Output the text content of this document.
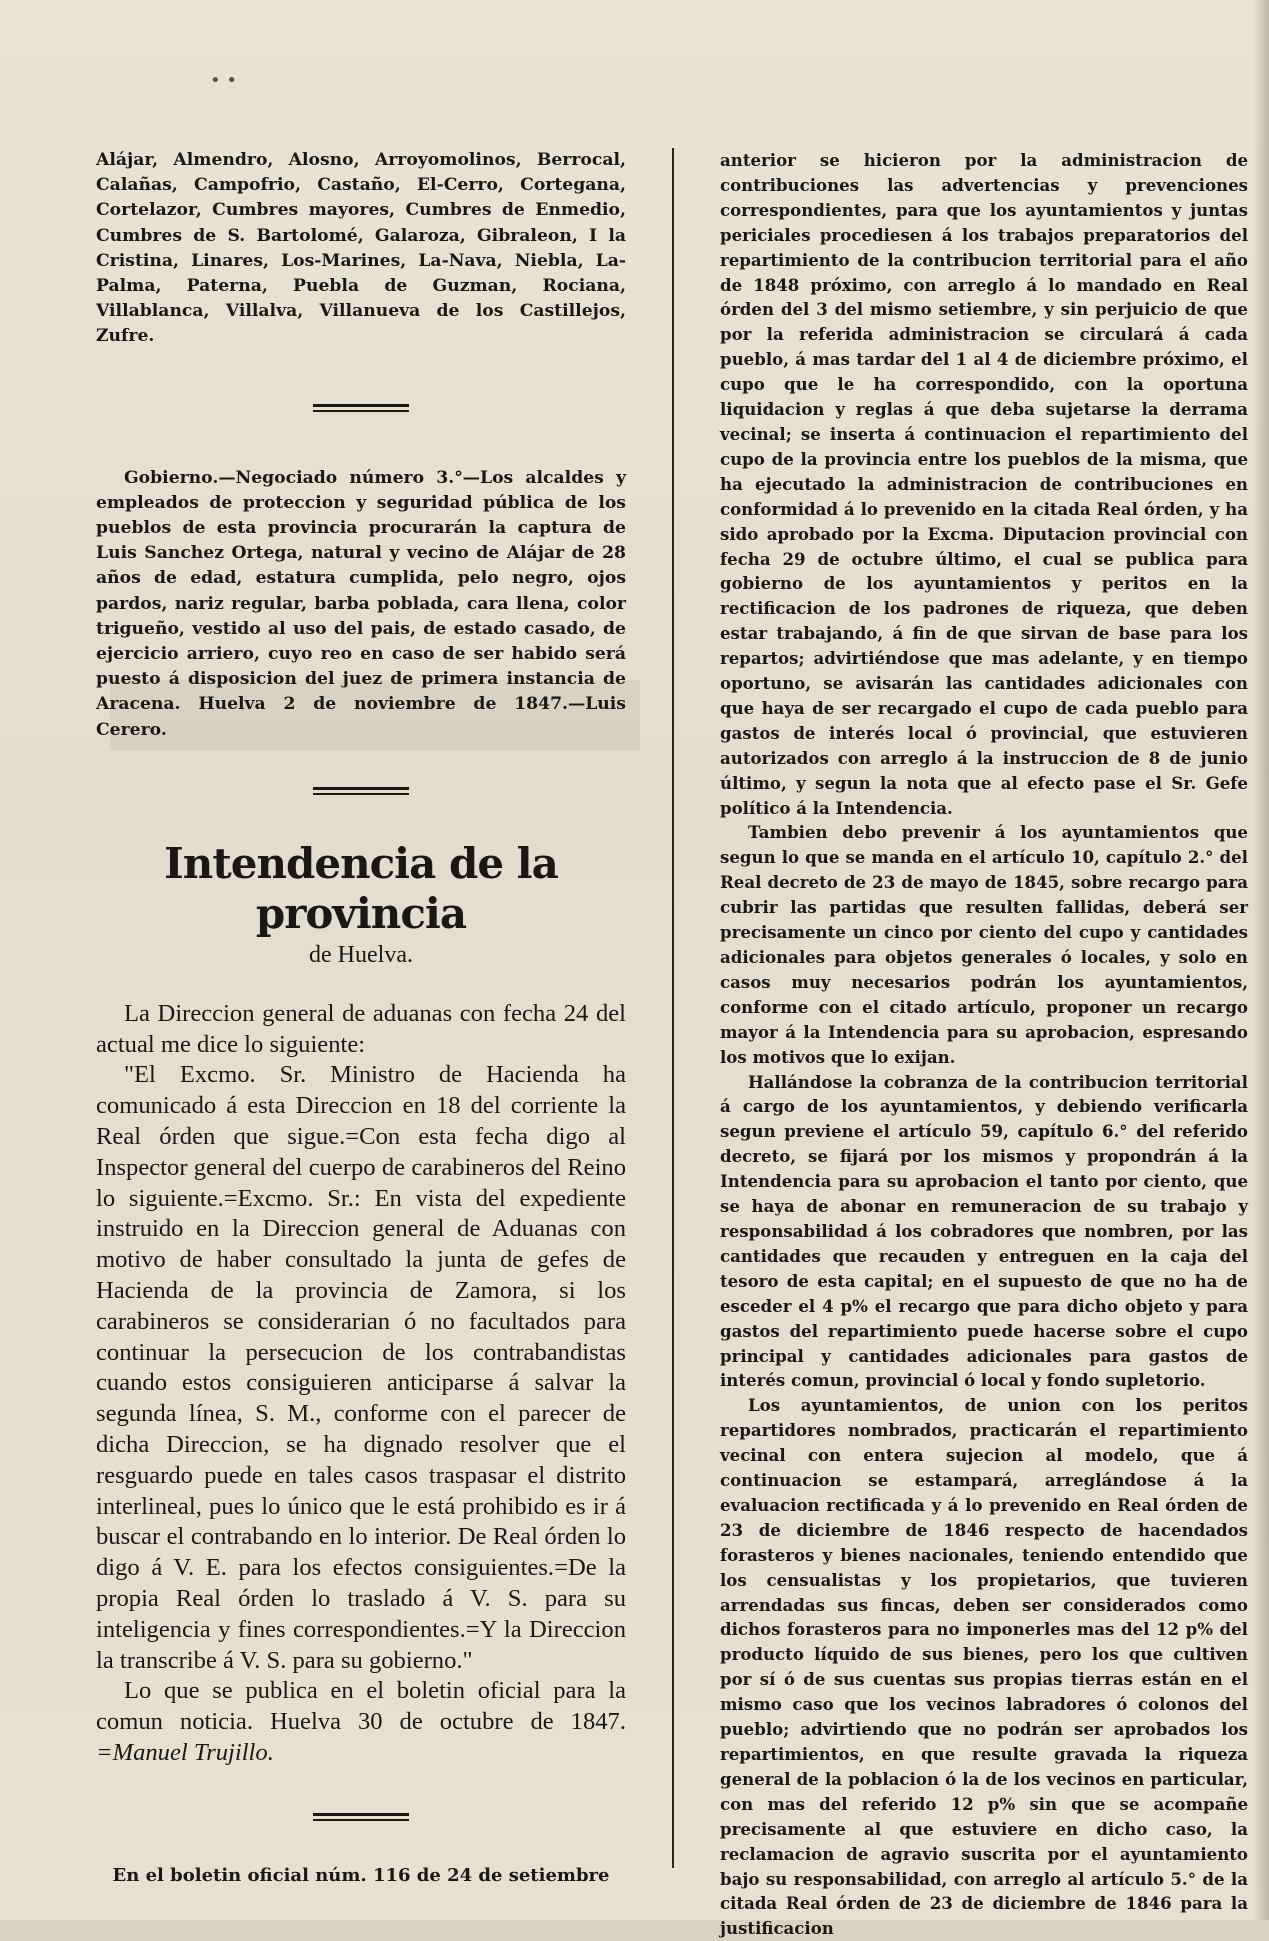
• •

Alájar, Almendro, Alosno, Arroyomolinos, Berrocal, Calañas, Campofrio, Castaño, El-Cerro, Cortegana, Cortelazor, Cumbres mayores, Cumbres de Enmedio, Cumbres de S. Bartolomé, Galaroza, Gibraleon, I la Cristina, Linares, Los-Marines, La-Nava, Niebla, La-Palma, Paterna, Puebla de Guzman, Rociana, Villablanca, Villalva, Villanueva de los Castillejos, Zufre.

Gobierno.—Negociado número 3.°—Los alcaldes y empleados de proteccion y seguridad pública de los pueblos de esta provincia procurarán la captura de Luis Sanchez Ortega, natural y vecino de Alájar de 28 años de edad, estatura cumplida, pelo negro, ojos pardos, nariz regular, barba poblada, cara llena, color trigueño, vestido al uso del pais, de estado casado, de ejercicio arriero, cuyo reo en caso de ser habido será puesto á disposicion del juez de primera instancia de Aracena. Huelva 2 de noviembre de 1847.—Luis Cerero.

Intendencia de la provincia

de Huelva.

La Direccion general de aduanas con fecha 24 del actual me dice lo siguiente:

"El Excmo. Sr. Ministro de Hacienda ha comunicado á esta Direccion en 18 del corriente la Real órden que sigue.=Con esta fecha digo al Inspector general del cuerpo de carabineros del Reino lo siguiente.=Excmo. Sr.: En vista del expediente instruido en la Direccion general de Aduanas con motivo de haber consultado la junta de gefes de Hacienda de la provincia de Zamora, si los carabineros se considerarian ó no facultados para continuar la persecucion de los contrabandistas cuando estos consiguieren anticiparse á salvar la segunda línea, S. M., conforme con el parecer de dicha Direccion, se ha dignado resolver que el resguardo puede en tales casos traspasar el distrito interlineal, pues lo único que le está prohibido es ir á buscar el contrabando en lo interior. De Real órden lo digo á V. E. para los efectos consiguientes.=De la propia Real órden lo traslado á V. S. para su inteligencia y fines correspondientes.=Y la Direccion la transcribe á V. S. para su gobierno."

Lo que se publica en el boletin oficial para la comun noticia. Huelva 30 de octubre de 1847. =Manuel Trujillo.

En el boletin oficial núm. 116 de 24 de setiembre

anterior se hicieron por la administracion de contribuciones las advertencias y prevenciones correspondientes, para que los ayuntamientos y juntas periciales procediesen á los trabajos preparatorios del repartimiento de la contribucion territorial para el año de 1848 próximo, con arreglo á lo mandado en Real órden del 3 del mismo setiembre, y sin perjuicio de que por la referida administracion se circulará á cada pueblo, á mas tardar del 1 al 4 de diciembre próximo, el cupo que le ha correspondido, con la oportuna liquidacion y reglas á que deba sujetarse la derrama vecinal; se inserta á continuacion el repartimiento del cupo de la provincia entre los pueblos de la misma, que ha ejecutado la administracion de contribuciones en conformidad á lo prevenido en la citada Real órden, y ha sido aprobado por la Excma. Diputacion provincial con fecha 29 de octubre último, el cual se publica para gobierno de los ayuntamientos y peritos en la rectificacion de los padrones de riqueza, que deben estar trabajando, á fin de que sirvan de base para los repartos; advirtiéndose que mas adelante, y en tiempo oportuno, se avisarán las cantidades adicionales con que haya de ser recargado el cupo de cada pueblo para gastos de interés local ó provincial, que estuvieren autorizados con arreglo á la instruccion de 8 de junio último, y segun la nota que al efecto pase el Sr. Gefe político á la Intendencia.

Tambien debo prevenir á los ayuntamientos que segun lo que se manda en el artículo 10, capítulo 2.° del Real decreto de 23 de mayo de 1845, sobre recargo para cubrir las partidas que resulten fallidas, deberá ser precisamente un cinco por ciento del cupo y cantidades adicionales para objetos generales ó locales, y solo en casos muy necesarios podrán los ayuntamientos, conforme con el citado artículo, proponer un recargo mayor á la Intendencia para su aprobacion, espresando los motivos que lo exijan.

Hallándose la cobranza de la contribucion territorial á cargo de los ayuntamientos, y debiendo verificarla segun previene el artículo 59, capítulo 6.° del referido decreto, se fijará por los mismos y propondrán á la Intendencia para su aprobacion el tanto por ciento, que se haya de abonar en remuneracion de su trabajo y responsabilidad á los cobradores que nombren, por las cantidades que recauden y entreguen en la caja del tesoro de esta capital; en el supuesto de que no ha de esceder el 4 p% el recargo que para dicho objeto y para gastos del repartimiento puede hacerse sobre el cupo principal y cantidades adicionales para gastos de interés comun, provincial ó local y fondo supletorio.

Los ayuntamientos, de union con los peritos repartidores nombrados, practicarán el repartimiento vecinal con entera sujecion al modelo, que á continuacion se estampará, arreglándose á la evaluacion rectificada y á lo prevenido en Real órden de 23 de diciembre de 1846 respecto de hacendados forasteros y bienes nacionales, teniendo entendido que los censualistas y los propietarios, que tuvieren arrendadas sus fincas, deben ser considerados como dichos forasteros para no imponerles mas del 12 p% del producto líquido de sus bienes, pero los que cultiven por sí ó de sus cuentas sus propias tierras están en el mismo caso que los vecinos labradores ó colonos del pueblo; advirtiendo que no podrán ser aprobados los repartimientos, en que resulte gravada la riqueza general de la poblacion ó la de los vecinos en particular, con mas del referido 12 p% sin que se acompañe precisamente al que estuviere en dicho caso, la reclamacion de agravio suscrita por el ayuntamiento bajo su responsabilidad, con arreglo al artículo 5.° de la citada Real órden de 23 de diciembre de 1846 para la justificacion
